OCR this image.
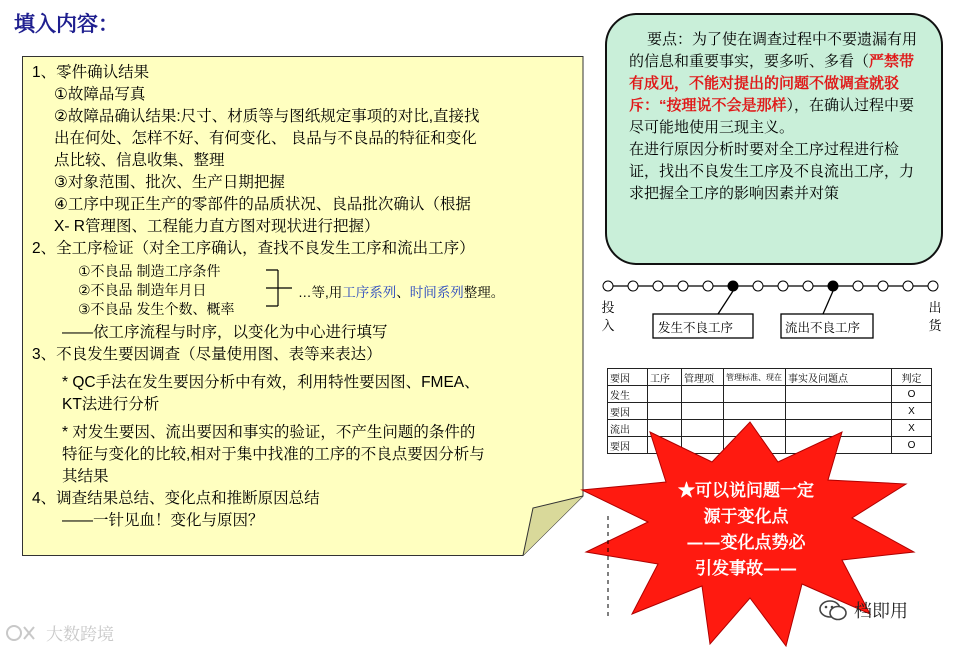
填入内容：
1、零件确认结果
①故障品写真
②故障品确认结果:尺寸、材质等与图纸规定事项的对比,直接找
出在何处、怎样不好、有何变化、 良品与不良品的特征和变化
点比较、信息收集、整理
③对象范围、批次、生产日期把握
④工序中现正生产的零部件的品质状况、良品批次确认（根据
X- R管理图、工程能力直方图对现状进行把握）
2、全工序检证（对全工序确认，查找不良发生工序和流出工序）
①不良品 制造工序条件
②不良品 制造年月日
③不良品 发生个数、概率
…等,用工序系列、时间系列整理。
——依工序流程与时序，以变化为中心进行填写
3、不良发生要因调查（尽量使用图、表等来表达）
* QC手法在发生要因分析中有效，利用特性要因图、FMEA、
KT法进行分析
* 对发生要因、流出要因和事实的验证，不产生问题的条件的
特征与变化的比较,相对于集中找准的工序的不良点要因分析与
其结果
4、调查结果总结、变化点和推断原因总结
——一针见血！变化与原因？
要点：为了使在调查过程中不要遗漏有用的信息和重要事实，要多听、多看（严禁带有成见，不能对提出的问题不做调查就驳斥：“按理说不会是那样），在确认过程中要尽可能地使用三现主义。
在进行原因分析时要对全工序过程进行检证，找出不良发生工序及不良流出工序，力求把握全工序的影响因素并对策
发生不良工序	流出不良工序
投入
出货
要因	工序	管理项	管理标准、现在	事实及问题点	判定
发生					O
要因					X
流出					X
要因					O
★可以说问题一定
源于变化点
——变化点势必
引发事故——
档即用
大数跨境
